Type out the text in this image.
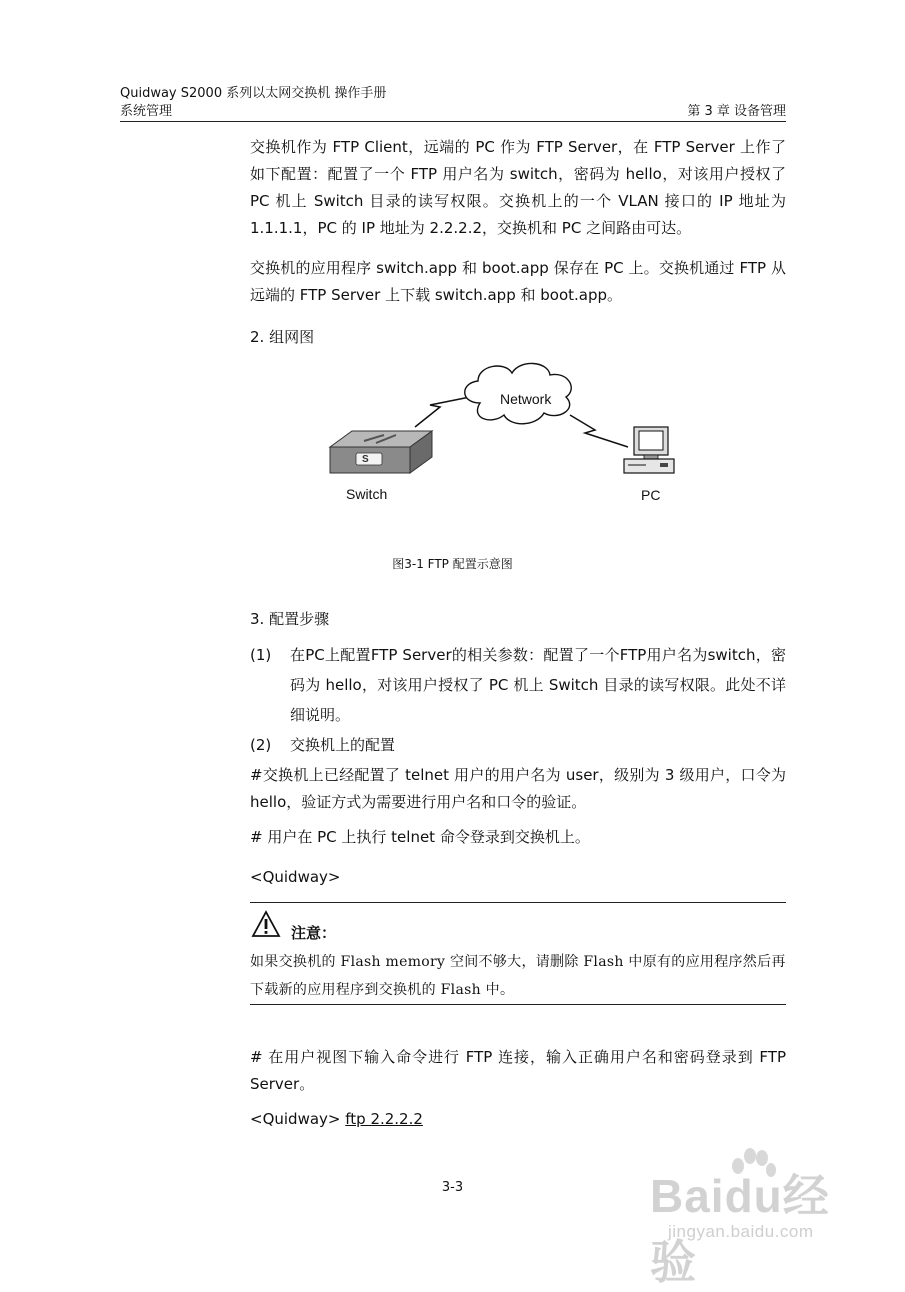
Quidway S2000 系列以太网交换机 操作手册
系统管理	第 3 章 设备管理

交换机作为 FTP Client，远端的 PC 作为 FTP Server，在 FTP Server 上作了如下配置：配置了一个 FTP 用户名为 switch，密码为 hello，对该用户授权了 PC 机上 Switch 目录的读写权限。交换机上的一个 VLAN 接口的 IP 地址为 1.1.1.1，PC 的 IP 地址为 2.2.2.2，交换机和 PC 之间路由可达。

交换机的应用程序 switch.app 和 boot.app 保存在 PC 上。交换机通过 FTP 从远端的 FTP Server 上下载 switch.app 和 boot.app。

2. 组网图
Network
S
Switch	PC
图3-1 FTP 配置示意图
3. 配置步骤
(1) 在PC上配置FTP Server的相关参数：配置了一个FTP用户名为switch，密码为 hello，对该用户授权了 PC 机上 Switch 目录的读写权限。此处不详细说明。
(2) 交换机上的配置

#交换机上已经配置了 telnet 用户的用户名为 user，级别为 3 级用户，口令为 hello，验证方式为需要进行用户名和口令的验证。

# 用户在 PC 上执行 telnet 命令登录到交换机上。

<Quidway>

注意：
如果交换机的 Flash memory 空间不够大，请删除 Flash 中原有的应用程序然后再下载新的应用程序到交换机的 Flash 中。

# 在用户视图下输入命令进行 FTP 连接，输入正确用户名和密码登录到 FTP Server。

<Quidway> ftp 2.2.2.2

3-3	Baidu经验
jingyan.baidu.com
